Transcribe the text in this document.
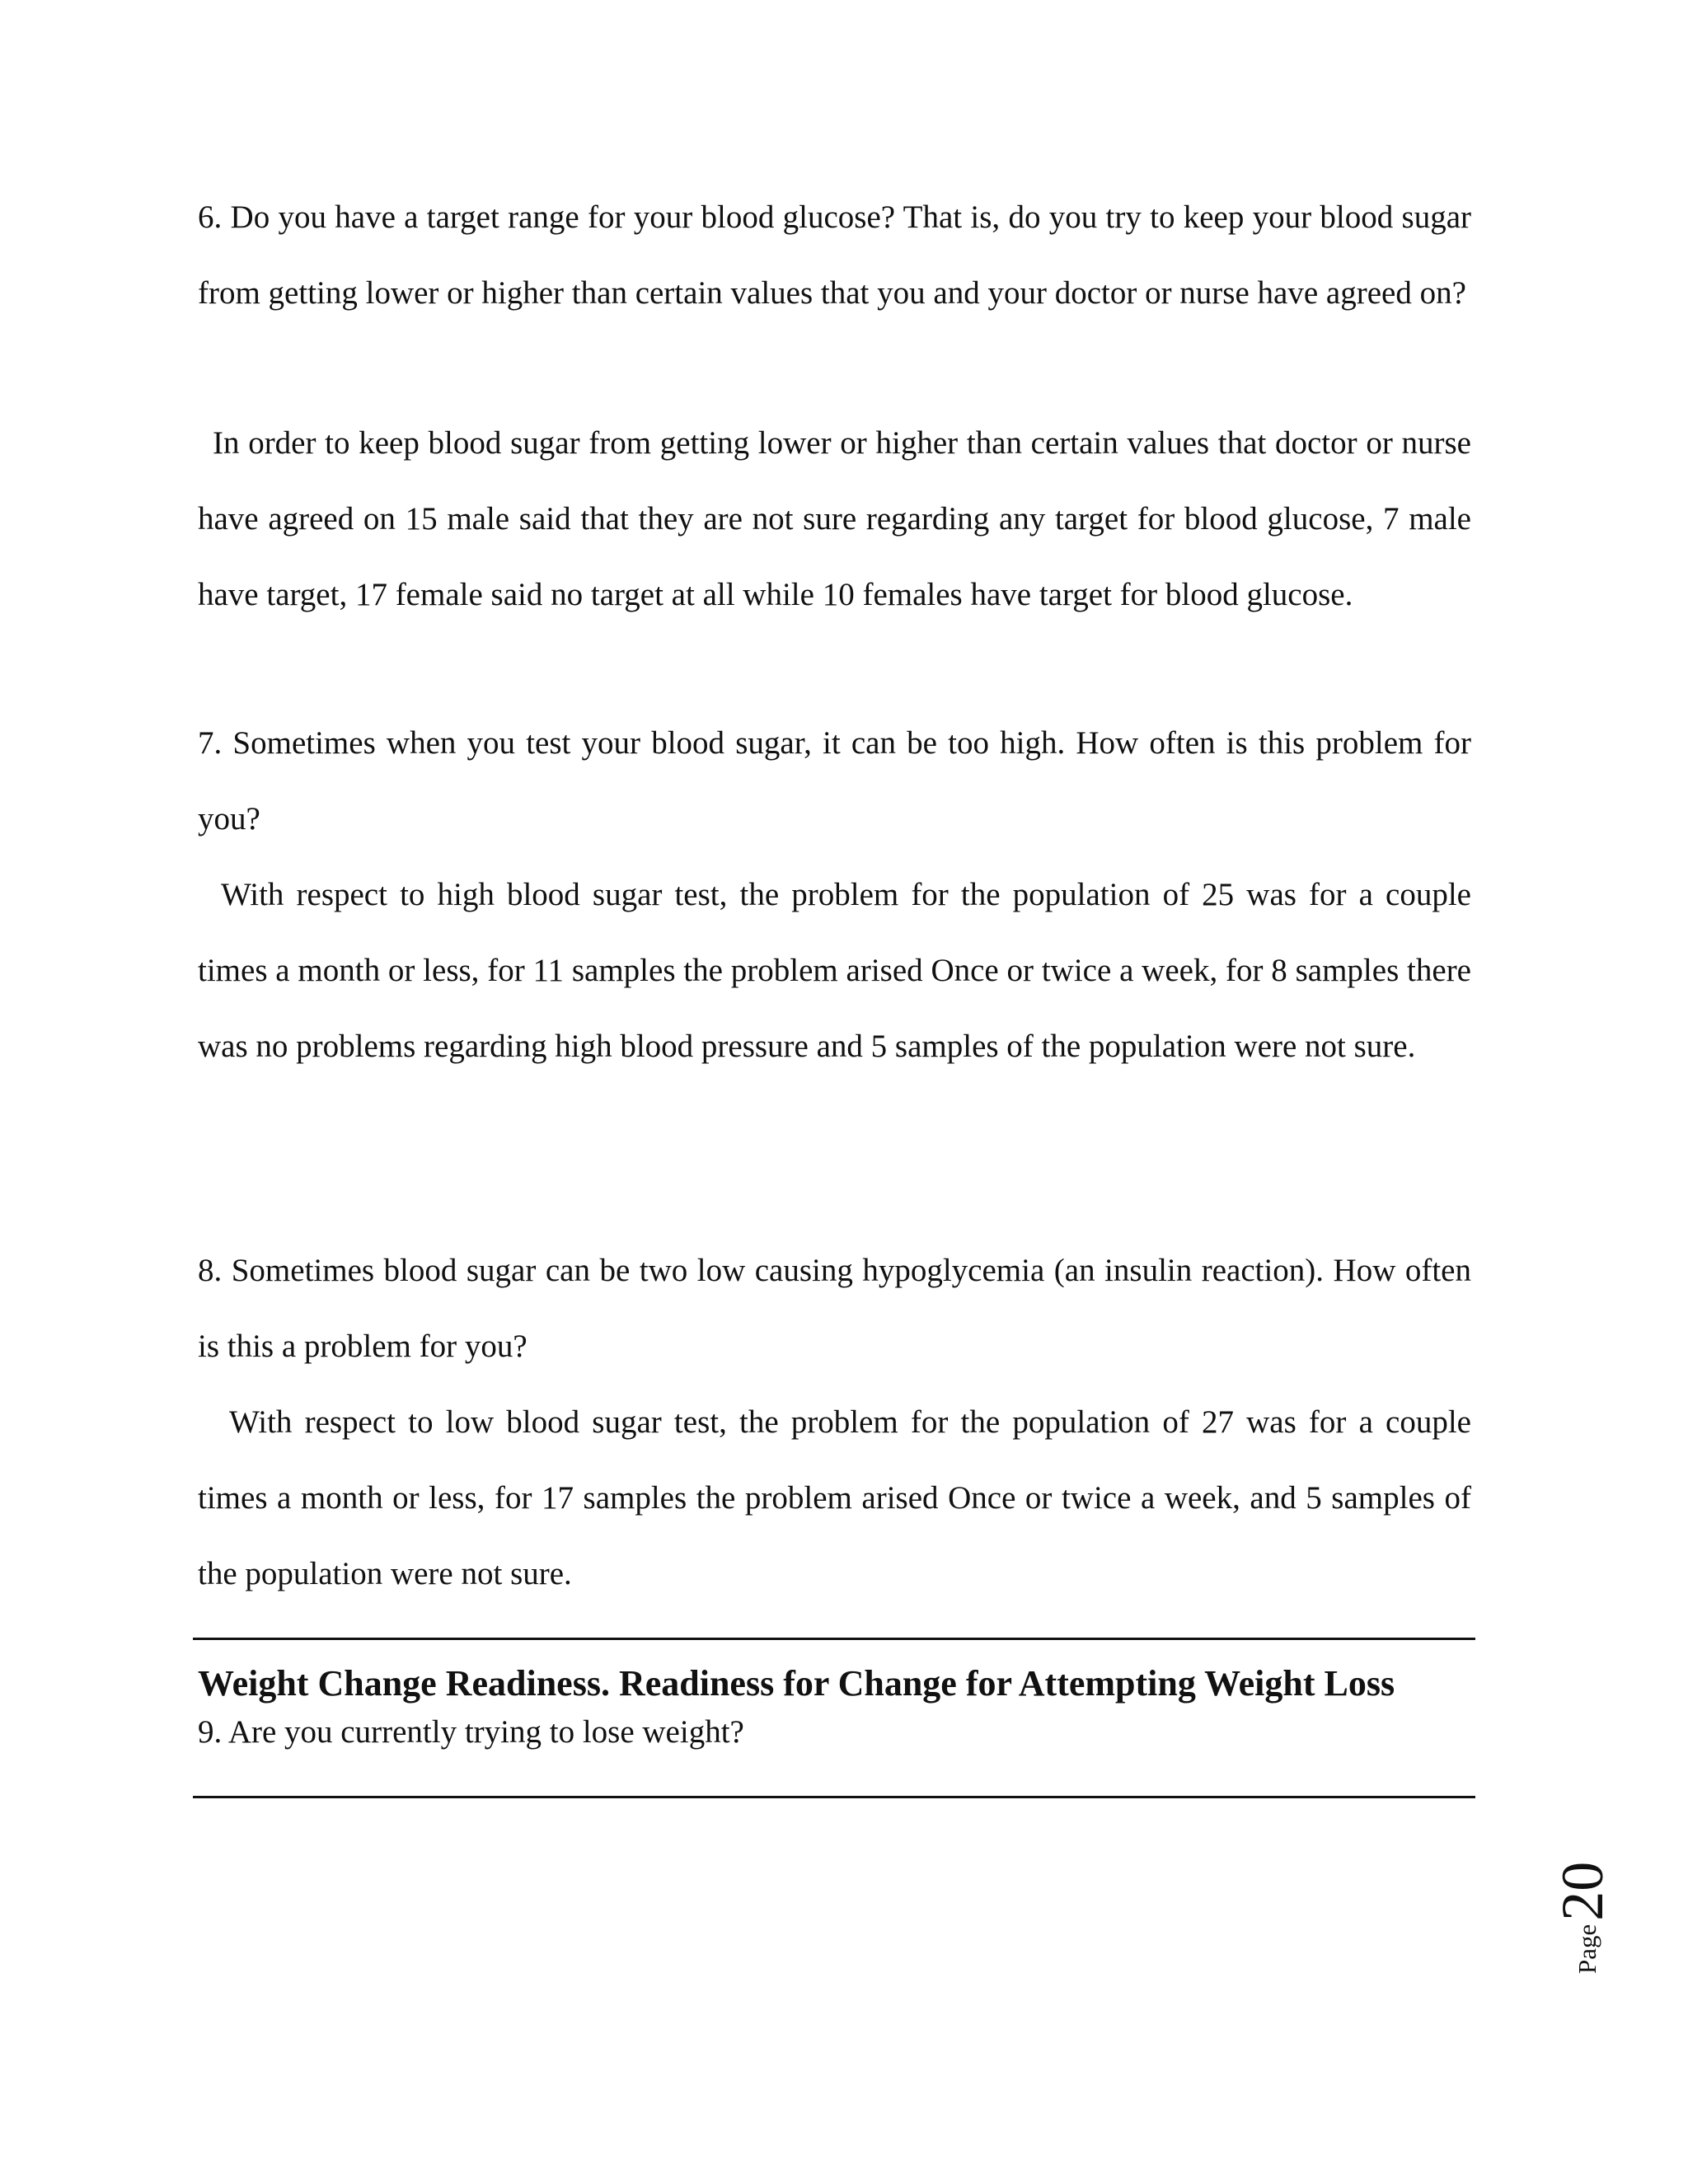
6. Do you have a target range for your blood glucose? That is, do you try to keep your blood sugar from getting lower or higher than certain values that you and your doctor or nurse have agreed on?
In order to keep blood sugar from getting lower or higher than certain values that doctor or nurse have agreed on 15 male said that they are not sure regarding any target for blood glucose, 7 male have target, 17 female said no target at all while 10 females have target for blood glucose.
7. Sometimes when you test your blood sugar, it can be too high. How often is this problem for you?
With respect to high blood sugar test, the problem for the population of 25 was for a couple times a month or less, for 11 samples the problem arised Once or twice a week, for 8 samples there was no problems regarding high blood pressure and 5 samples of the population were not sure.
8. Sometimes blood sugar can be two low causing hypoglycemia (an insulin reaction). How often is this a problem for you?
With respect to low blood sugar test, the problem for the population of 27 was for a couple times a month or less, for 17 samples the problem arised Once or twice a week, and 5 samples of the population were not sure.
Weight Change Readiness. Readiness for Change for Attempting Weight Loss
9. Are you currently trying to lose weight?
Page
20
